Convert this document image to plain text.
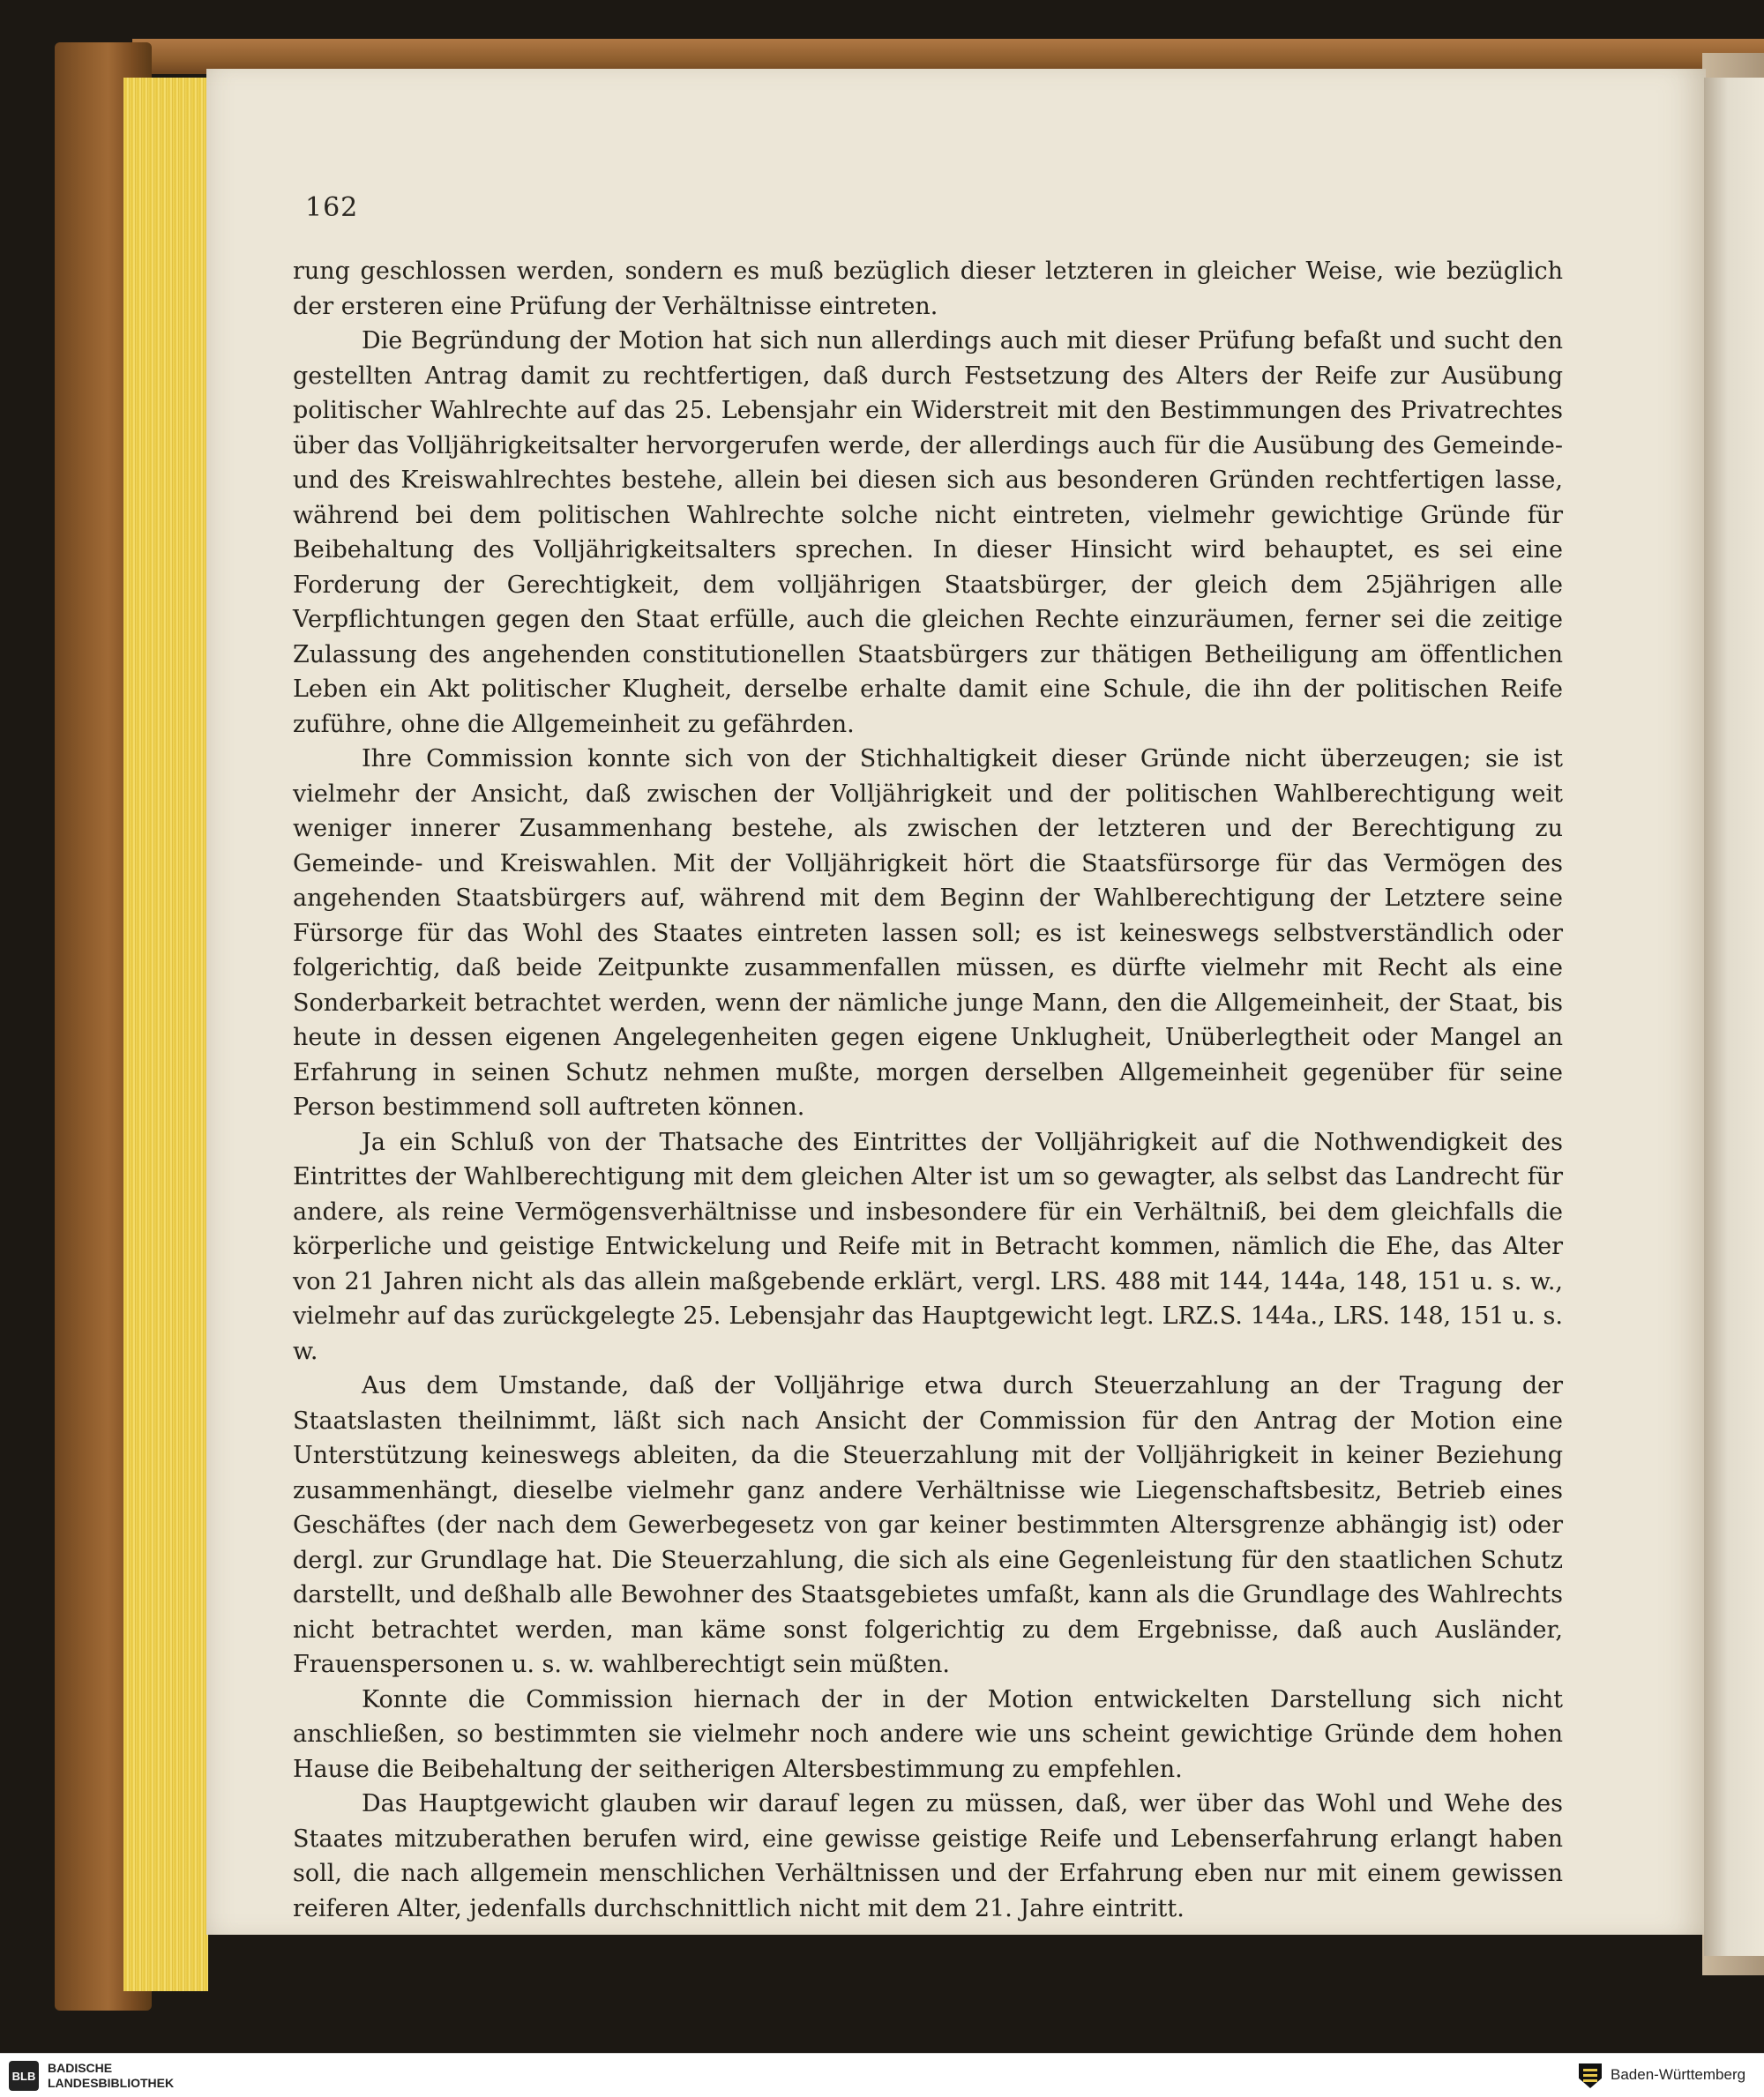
162

rung geschlossen werden, sondern es muß bezüglich dieser letzteren in gleicher Weise, wie bezüglich der ersteren eine Prüfung der Verhältnisse eintreten.

Die Begründung der Motion hat sich nun allerdings auch mit dieser Prüfung befaßt und sucht den gestellten Antrag damit zu rechtfertigen, daß durch Festsetzung des Alters der Reife zur Ausübung politischer Wahlrechte auf das 25. Lebensjahr ein Widerstreit mit den Bestimmungen des Privatrechtes über das Volljährigkeitsalter hervorgerufen werde, der allerdings auch für die Ausübung des Gemeinde- und des Kreiswahlrechtes bestehe, allein bei diesen sich aus besonderen Gründen rechtfertigen lasse, während bei dem politischen Wahlrechte solche nicht eintreten, vielmehr gewichtige Gründe für Beibehaltung des Volljährigkeitsalters sprechen. In dieser Hinsicht wird behauptet, es sei eine Forderung der Gerechtigkeit, dem volljährigen Staatsbürger, der gleich dem 25jährigen alle Verpflichtungen gegen den Staat erfülle, auch die gleichen Rechte einzuräumen, ferner sei die zeitige Zulassung des angehenden constitutionellen Staatsbürgers zur thätigen Betheiligung am öffentlichen Leben ein Akt politischer Klugheit, derselbe erhalte damit eine Schule, die ihn der politischen Reife zuführe, ohne die Allgemeinheit zu gefährden.

Ihre Commission konnte sich von der Stichhaltigkeit dieser Gründe nicht überzeugen; sie ist vielmehr der Ansicht, daß zwischen der Volljährigkeit und der politischen Wahlberechtigung weit weniger innerer Zusammenhang bestehe, als zwischen der letzteren und der Berechtigung zu Gemeinde- und Kreiswahlen. Mit der Volljährigkeit hört die Staatsfürsorge für das Vermögen des angehenden Staatsbürgers auf, während mit dem Beginn der Wahlberechtigung der Letztere seine Fürsorge für das Wohl des Staates eintreten lassen soll; es ist keineswegs selbstverständlich oder folgerichtig, daß beide Zeitpunkte zusammenfallen müssen, es dürfte vielmehr mit Recht als eine Sonderbarkeit betrachtet werden, wenn der nämliche junge Mann, den die Allgemeinheit, der Staat, bis heute in dessen eigenen Angelegenheiten gegen eigene Unklugheit, Unüberlegtheit oder Mangel an Erfahrung in seinen Schutz nehmen mußte, morgen derselben Allgemeinheit gegenüber für seine Person bestimmend soll auftreten können.

Ja ein Schluß von der Thatsache des Eintrittes der Volljährigkeit auf die Nothwendigkeit des Eintrittes der Wahlberechtigung mit dem gleichen Alter ist um so gewagter, als selbst das Landrecht für andere, als reine Vermögensverhältnisse und insbesondere für ein Verhältniß, bei dem gleichfalls die körperliche und geistige Entwickelung und Reife mit in Betracht kommen, nämlich die Ehe, das Alter von 21 Jahren nicht als das allein maßgebende erklärt, vergl. LRS. 488 mit 144, 144a, 148, 151 u. s. w., vielmehr auf das zurückgelegte 25. Lebensjahr das Hauptgewicht legt. LRZ.S. 144a., LRS. 148, 151 u. s. w.

Aus dem Umstande, daß der Volljährige etwa durch Steuerzahlung an der Tragung der Staatslasten theilnimmt, läßt sich nach Ansicht der Commission für den Antrag der Motion eine Unterstützung keineswegs ableiten, da die Steuerzahlung mit der Volljährigkeit in keiner Beziehung zusammenhängt, dieselbe vielmehr ganz andere Verhältnisse wie Liegenschaftsbesitz, Betrieb eines Geschäftes (der nach dem Gewerbegesetz von gar keiner bestimmten Altersgrenze abhängig ist) oder dergl. zur Grundlage hat. Die Steuerzahlung, die sich als eine Gegenleistung für den staatlichen Schutz darstellt, und deßhalb alle Bewohner des Staatsgebietes umfaßt, kann als die Grundlage des Wahlrechts nicht betrachtet werden, man käme sonst folgerichtig zu dem Ergebnisse, daß auch Ausländer, Frauenspersonen u. s. w. wahlberechtigt sein müßten.

Konnte die Commission hiernach der in der Motion entwickelten Darstellung sich nicht anschließen, so bestimmten sie vielmehr noch andere wie uns scheint gewichtige Gründe dem hohen Hause die Beibehaltung der seitherigen Altersbestimmung zu empfehlen.

Das Hauptgewicht glauben wir darauf legen zu müssen, daß, wer über das Wohl und Wehe des Staates mitzuberathen berufen wird, eine gewisse geistige Reife und Lebenserfahrung erlangt haben soll, die nach allgemein menschlichen Verhältnissen und der Erfahrung eben nur mit einem gewissen reiferen Alter, jedenfalls durchschnittlich nicht mit dem 21. Jahre eintritt.

BLB
BADISCHE
LANDESBIBLIOTHEK	Baden-Württemberg
